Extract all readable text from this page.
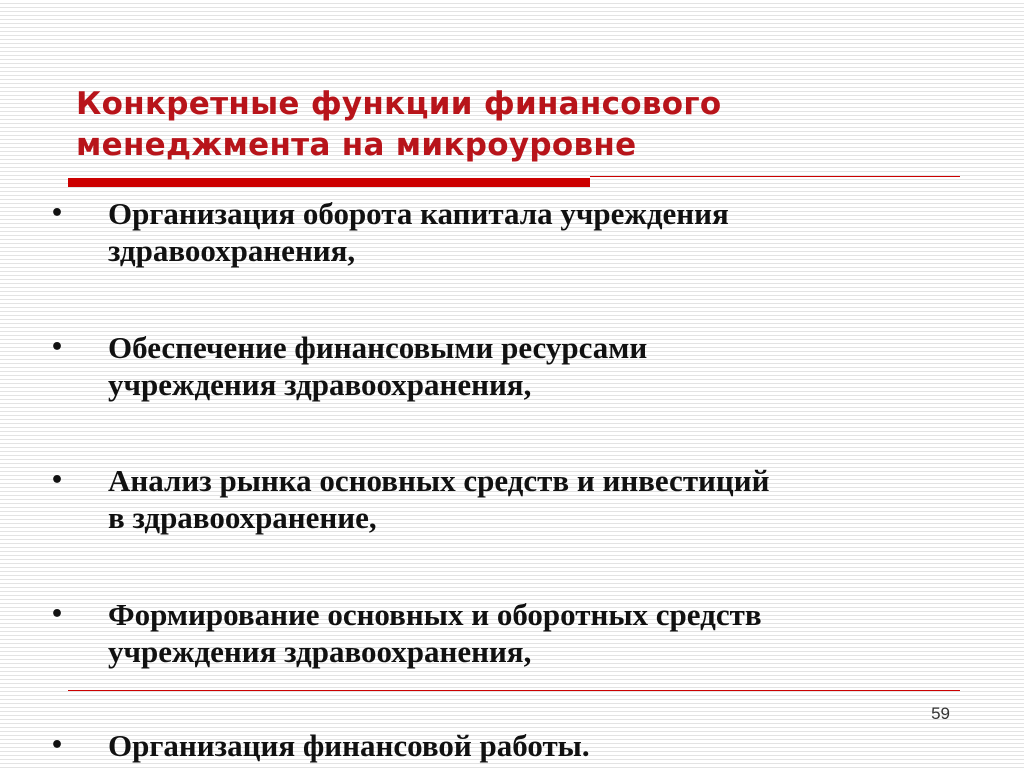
Конкретные функции финансового
менеджмента на микроуровне
•	Организация оборота капитала учреждения
здравоохранения,
•	Обеспечение финансовыми ресурсами
учреждения здравоохранения,
•	Анализ рынка основных средств и инвестиций
в здравоохранение,
•	Формирование основных и оборотных средств
учреждения здравоохранения,
•	Организация финансовой работы.
59
